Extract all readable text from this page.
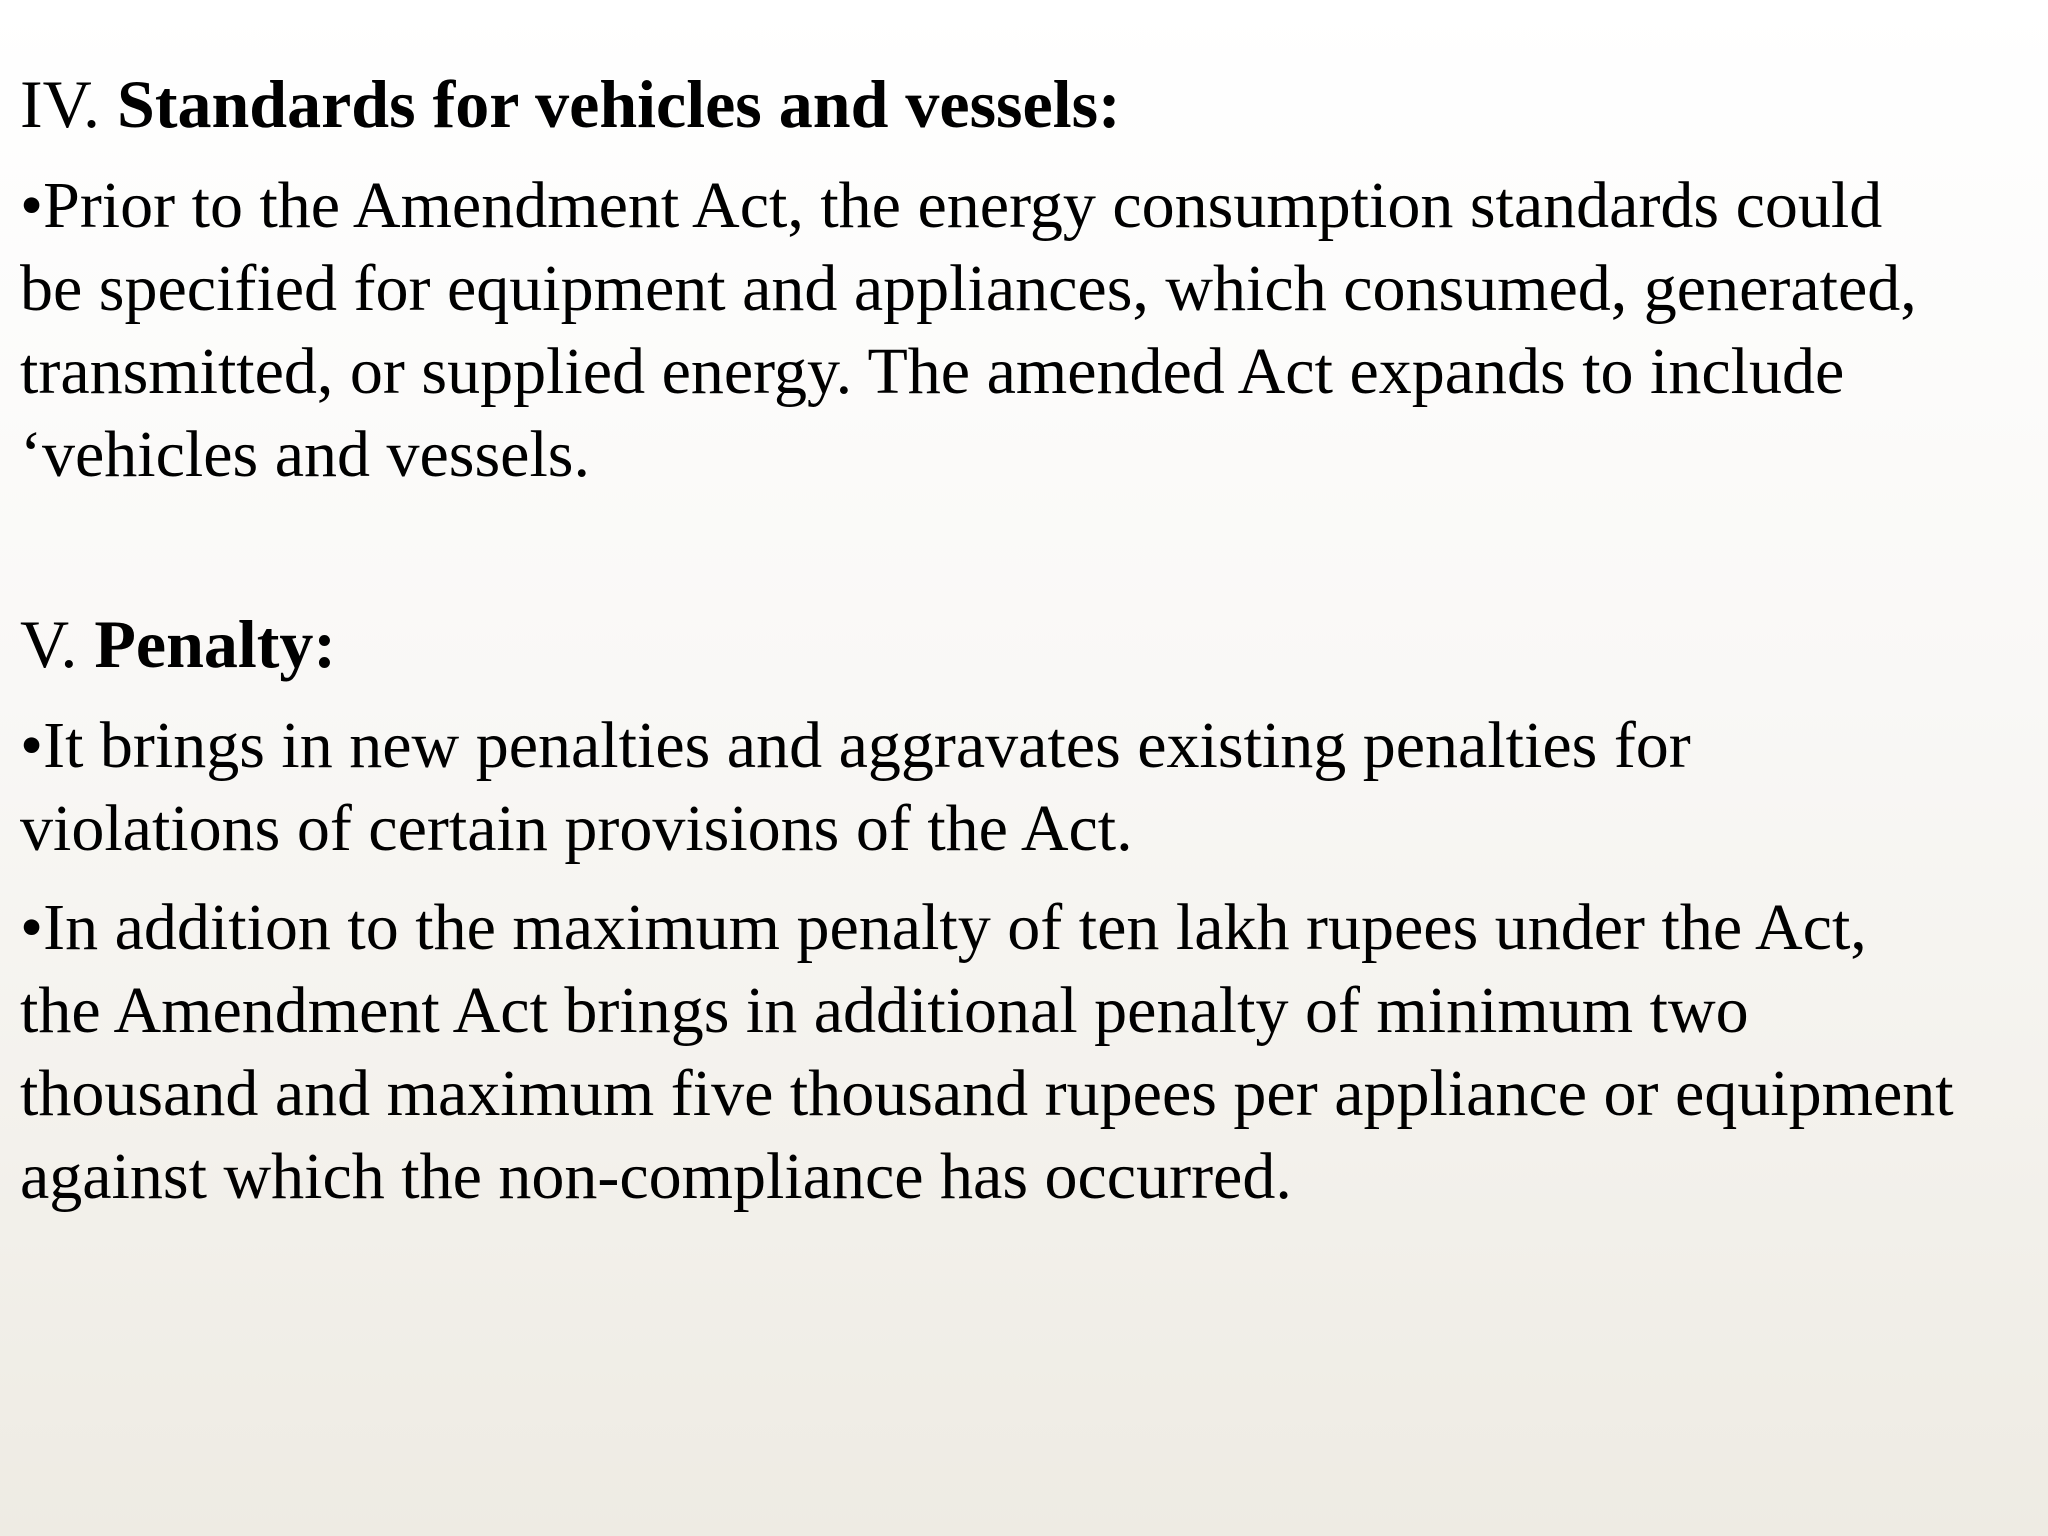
IV. Standards for vehicles and vessels:

•Prior to the Amendment Act, the energy consumption standards could
be specified for equipment and appliances, which consumed, generated,
transmitted, or supplied energy. The amended Act expands to include
‘vehicles and vessels.

V. Penalty:

•It brings in new penalties and aggravates existing penalties for
violations of certain provisions of the Act.

•In addition to the maximum penalty of ten lakh rupees under the Act,
the Amendment Act brings in additional penalty of minimum two
thousand and maximum five thousand rupees per appliance or equipment
against which the non-compliance has occurred.
